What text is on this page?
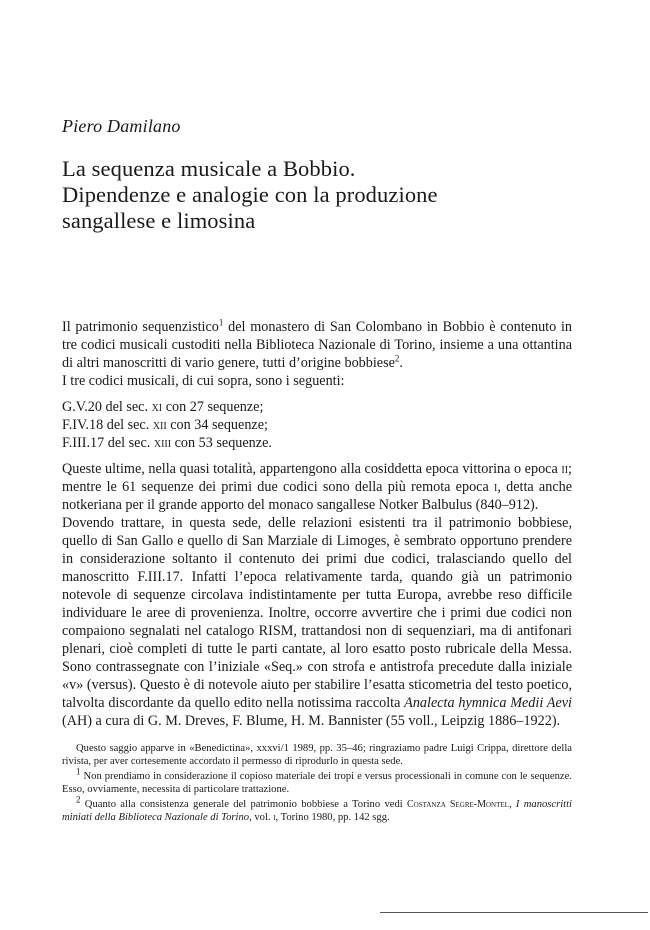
Piero Damilano
La sequenza musicale a Bobbio.
Dipendenze e analogie con la produzione
sangallese e limosina

Il patrimonio sequenzistico$^1$ del monastero di San Colombano in Bobbio è contenuto in tre codici musicali custoditi nella Biblioteca Nazionale di Torino, insieme a una ottantina di altri manoscritti di vario genere, tutti d’origine bobbiese$^2$.

I tre codici musicali, di cui sopra, sono i seguenti:

G.V.20 del sec. xi con 27 sequenze;
F.IV.18 del sec. xii con 34 sequenze;
F.III.17 del sec. xiii con 53 sequenze.

Queste ultime, nella quasi totalità, appartengono alla cosiddetta epoca vittorina o epoca ii; mentre le 61 sequenze dei primi due codici sono della più remota epoca i, detta anche notkeriana per il grande apporto del monaco sangallese Notker Balbulus (840–912).

Dovendo trattare, in questa sede, delle relazioni esistenti tra il patrimonio bobbiese, quello di San Gallo e quello di San Marziale di Limoges, è sembrato opportuno prendere in considerazione soltanto il contenuto dei primi due codici, tralasciando quello del manoscritto F.III.17. Infatti l’epoca relativamente tarda, quando già un patrimonio notevole di sequenze circolava indistintamente per tutta Europa, avrebbe reso difficile individuare le aree di provenienza. Inoltre, occorre avvertire che i primi due codici non compaiono segnalati nel catalogo RISM, trattandosi non di sequenziari, ma di antifonari plenari, cioè completi di tutte le parti cantate, al loro esatto posto rubricale della Messa. Sono contrassegnate con l’iniziale «Seq.» con strofa e antistrofa precedute dalla iniziale «v» (versus). Questo è di notevole aiuto per stabilire l’esatta sticometria del testo poetico, talvolta discordante da quello edito nella notissima raccolta Analecta hymnica Medii Aevi (AH) a cura di G. M. Dreves, F. Blume, H. M. Bannister (55 voll., Leipzig 1886–1922).

Questo saggio apparve in «Benedictina», xxxvi/1 1989, pp. 35–46; ringraziamo padre Luigi Crippa, direttore della rivista, per aver cortesemente accordato il permesso di riprodurlo in questa sede.

$^1$ Non prendiamo in considerazione il copioso materiale dei tropi e versus processionali in comune con le sequenze. Esso, ovviamente, necessita di particolare trattazione.

$^2$ Quanto alla consistenza generale del patrimonio bobbiese a Torino vedi Costanza Segre-Montel, I manoscritti miniati della Biblioteca Nazionale di Torino, vol. i, Torino 1980, pp. 142 sgg.
